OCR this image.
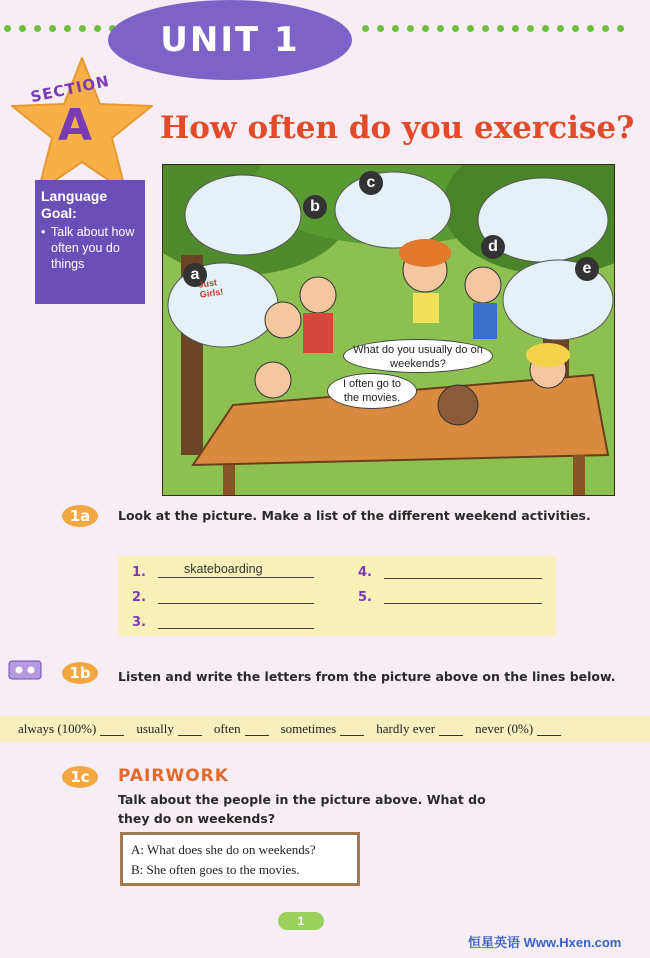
UNIT 1
SECTION
A How often do you exercise?
Language Goal:
• Talk about how often you do things
a
b
c
d
e
Just Girls!
What do you usually do on weekends?
I often go to the movies.
1a	Look at the picture. Make a list of the different weekend activities.
1.	skateboarding
2.
3.
4.
5.
1b	Listen and write the letters from the picture above on the lines below.
always (100%)	usually	often	sometimes	hardly ever	never (0%)
1c	PAIRWORK
Talk about the people in the picture above. What do they do on weekends?
A: What does she do on weekends?
B: She often goes to the movies.
1
恒星英语 Www.Hxen.com
